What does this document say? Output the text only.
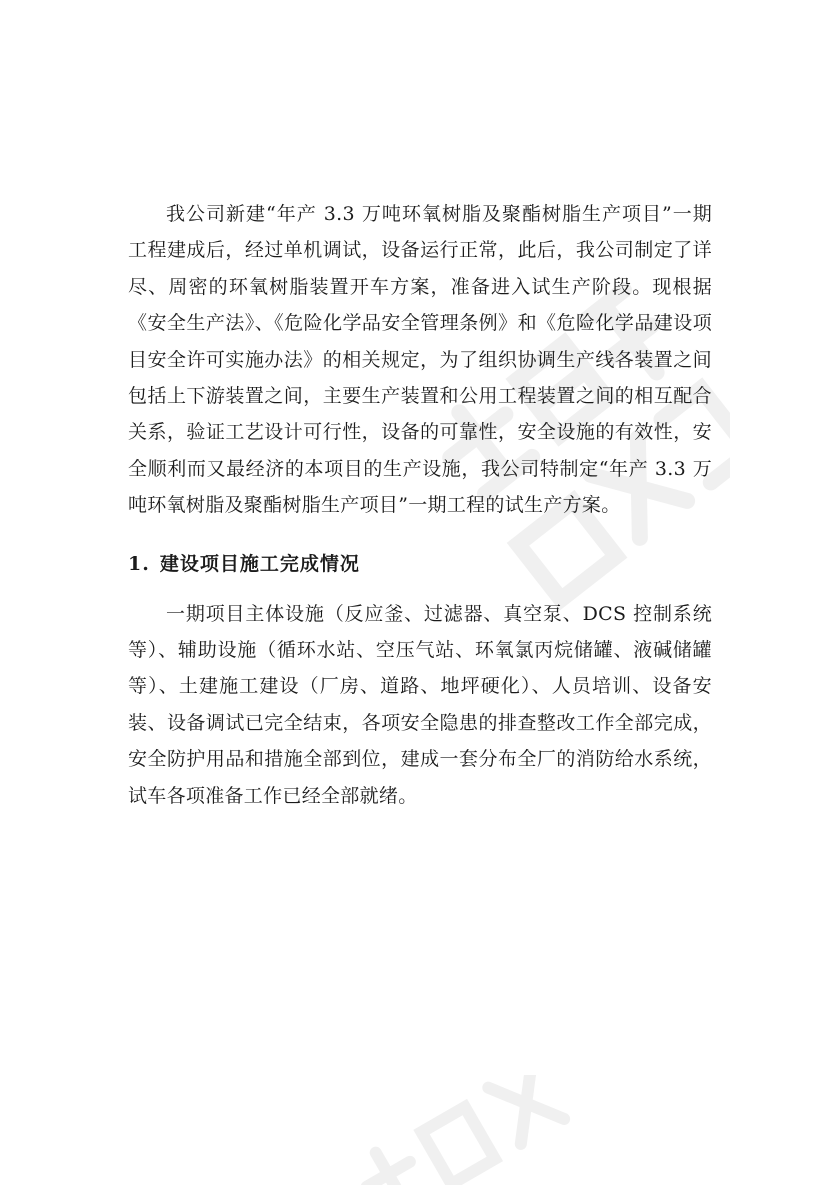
我公司新建“年产 3.3 万吨环氧树脂及聚酯树脂生产项目”一期工程建成后，经过单机调试，设备运行正常，此后，我公司制定了详尽、周密的环氧树脂装置开车方案，准备进入试生产阶段。现根据《安全生产法》、《危险化学品安全管理条例》和《危险化学品建设项目安全许可实施办法》的相关规定，为了组织协调生产线各装置之间包括上下游装置之间，主要生产装置和公用工程装置之间的相互配合关系，验证工艺设计可行性，设备的可靠性，安全设施的有效性，安全顺利而又最经济的本项目的生产设施，我公司特制定“年产 3.3 万吨环氧树脂及聚酯树脂生产项目”一期工程的试生产方案。

1. 建设项目施工完成情况

一期项目主体设施（反应釜、过滤器、真空泵、DCS 控制系统等）、辅助设施（循环水站、空压气站、环氧氯丙烷储罐、液碱储罐等）、土建施工建设（厂房、道路、地坪硬化）、人员培训、设备安装、设备调试已完全结束，各项安全隐患的排查整改工作全部完成，安全防护用品和措施全部到位，建成一套分布全厂的消防给水系统，试车各项准备工作已经全部就绪。
